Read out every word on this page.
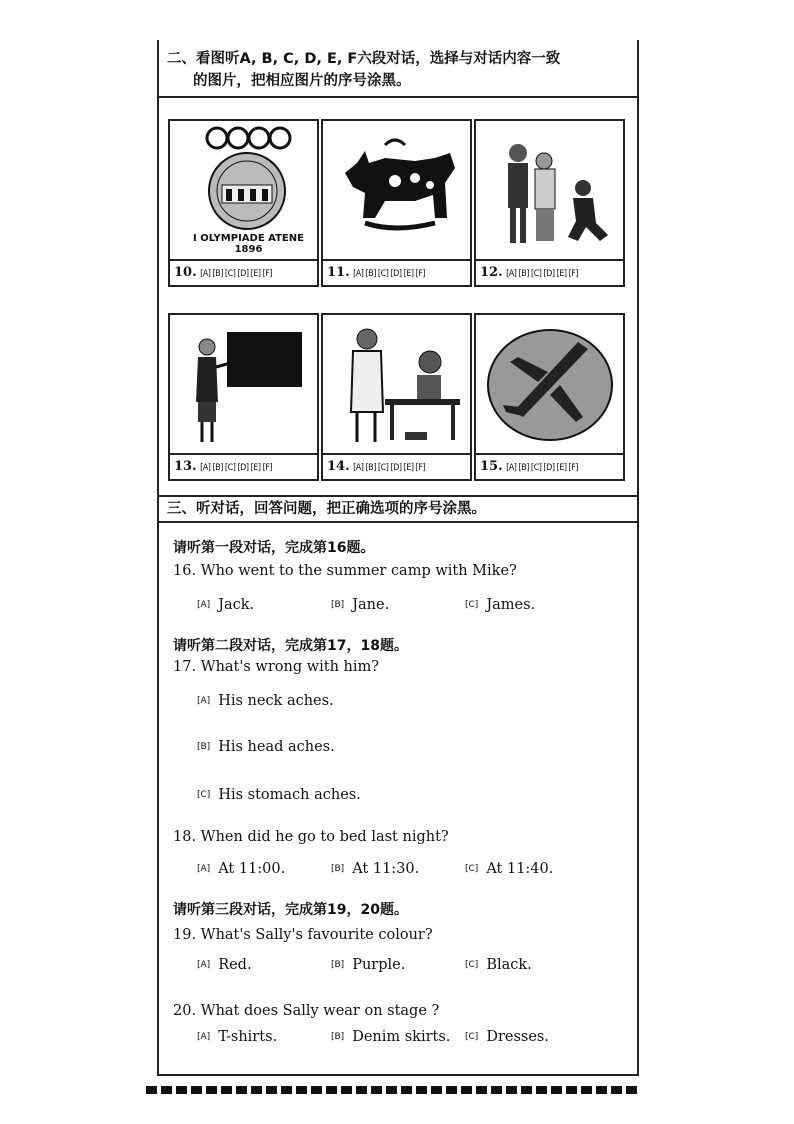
二、看图听A, B, C, D, E, F六段对话，选择与对话内容一致
的图片，把相应图片的序号涂黑。
I OLYMPIADE ATENE 1896
10. [A] [B] [C] [D] [E] [F]	11. [A] [B] [C] [D] [E] [F]	12. [A] [B] [C] [D] [E] [F]
13. [A] [B] [C] [D] [E] [F]	14. [A] [B] [C] [D] [E] [F]	15. [A] [B] [C] [D] [E] [F]
三、听对话，回答问题，把正确选项的序号涂黑。
请听第一段对话，完成第16题。
16. Who went to the summer camp with Mike?
[A] Jack.	[B] Jane.	[C] James.
请听第二段对话，完成第17，18题。
17. What's wrong with him?
[A] His neck aches.
[B] His head aches.
[C] His stomach aches.
18. When did he go to bed last night?
[A] At 11:00.	[B] At 11:30.	[C] At 11:40.
请听第三段对话，完成第19，20题。
19. What's Sally's favourite colour?
[A] Red.	[B] Purple.	[C] Black.
20. What does Sally wear on stage ?
[A] T-shirts.	[B] Denim skirts. [C] Dresses.
